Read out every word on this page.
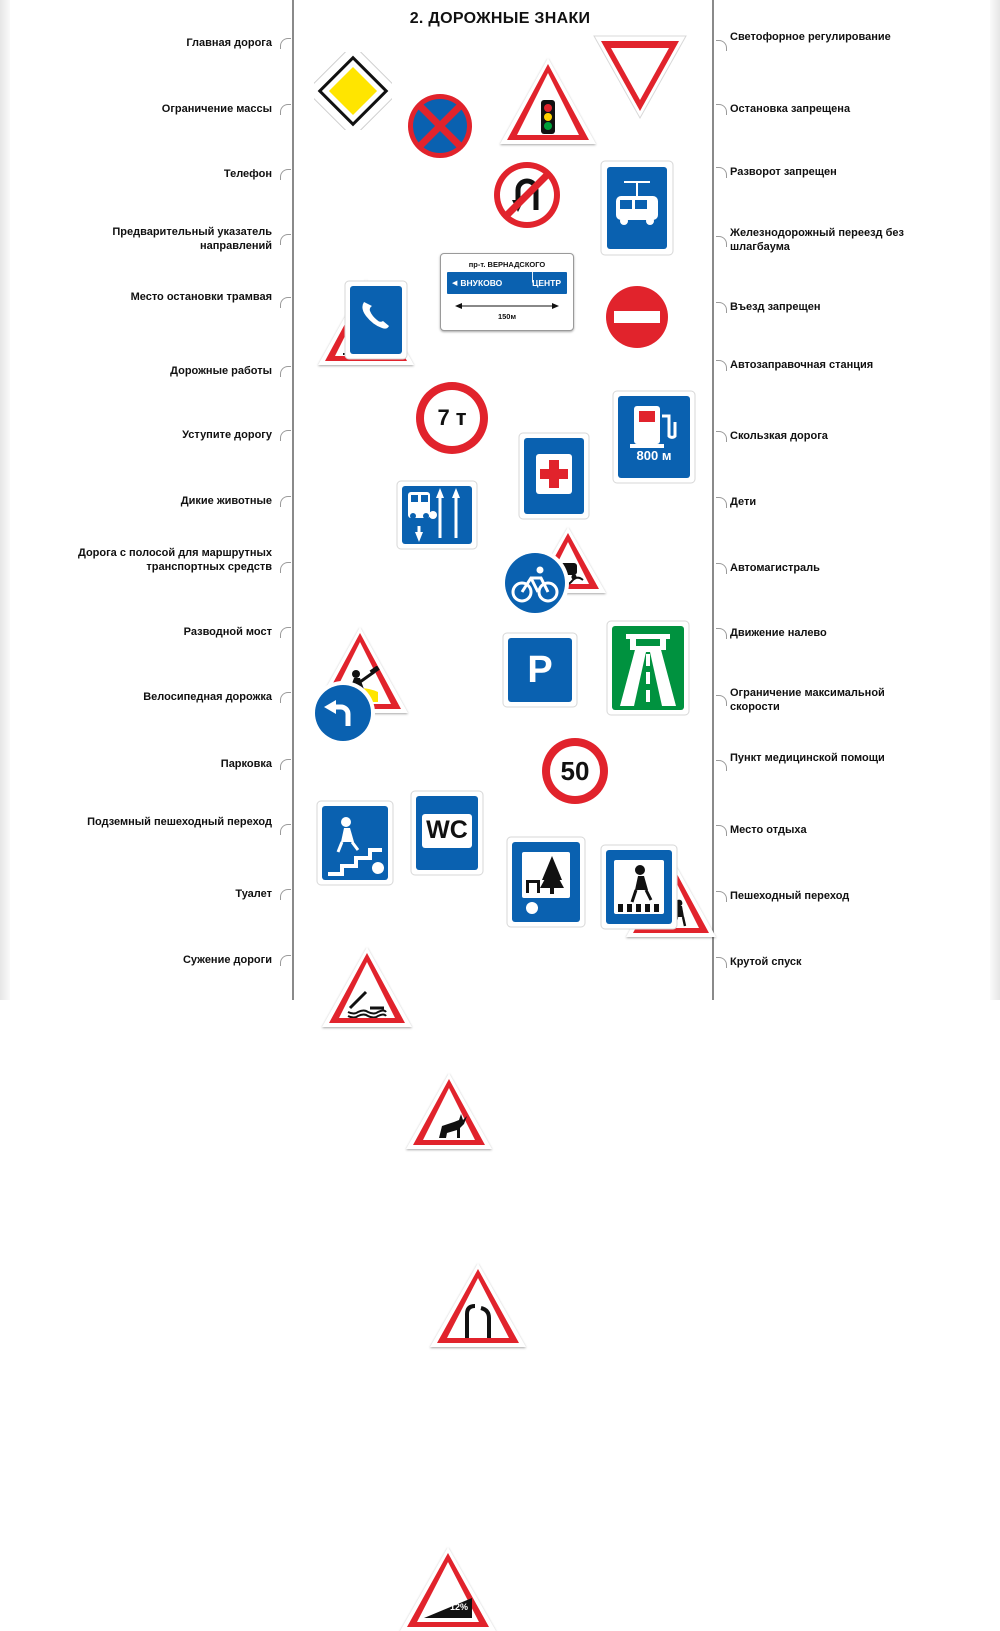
2. ДОРОЖНЫЕ ЗНАКИ
Главная дорога
Ограничение массы
Телефон
Предварительный указатель направлений
Место остановки трамвая
Дорожные работы
Уступите дорогу
Дикие животные
Дорога с полосой для маршрутных транспортных средств
Разводной мост
Велосипедная дорожка
Парковка
Подземный пешеходный переход
Туалет
Сужение дороги
Светофорное регулирование
Остановка запрещена
Разворот запрещен
Железнодорожный переезд без шлагбаума
Въезд запрещен
Автозаправочная станция
Скользкая дорога
Дети
Автомагистраль
Движение налево
Ограничение максимальной скорости
Пункт медицинской помощи
Место отдыха
Пешеходный переход
Крутой спуск
пр-т. ВЕРНАДСКОГО
◀ ВНУКОВО	ЦЕНТР
|
150м
7 т
800 м
P
50
WC
12%
